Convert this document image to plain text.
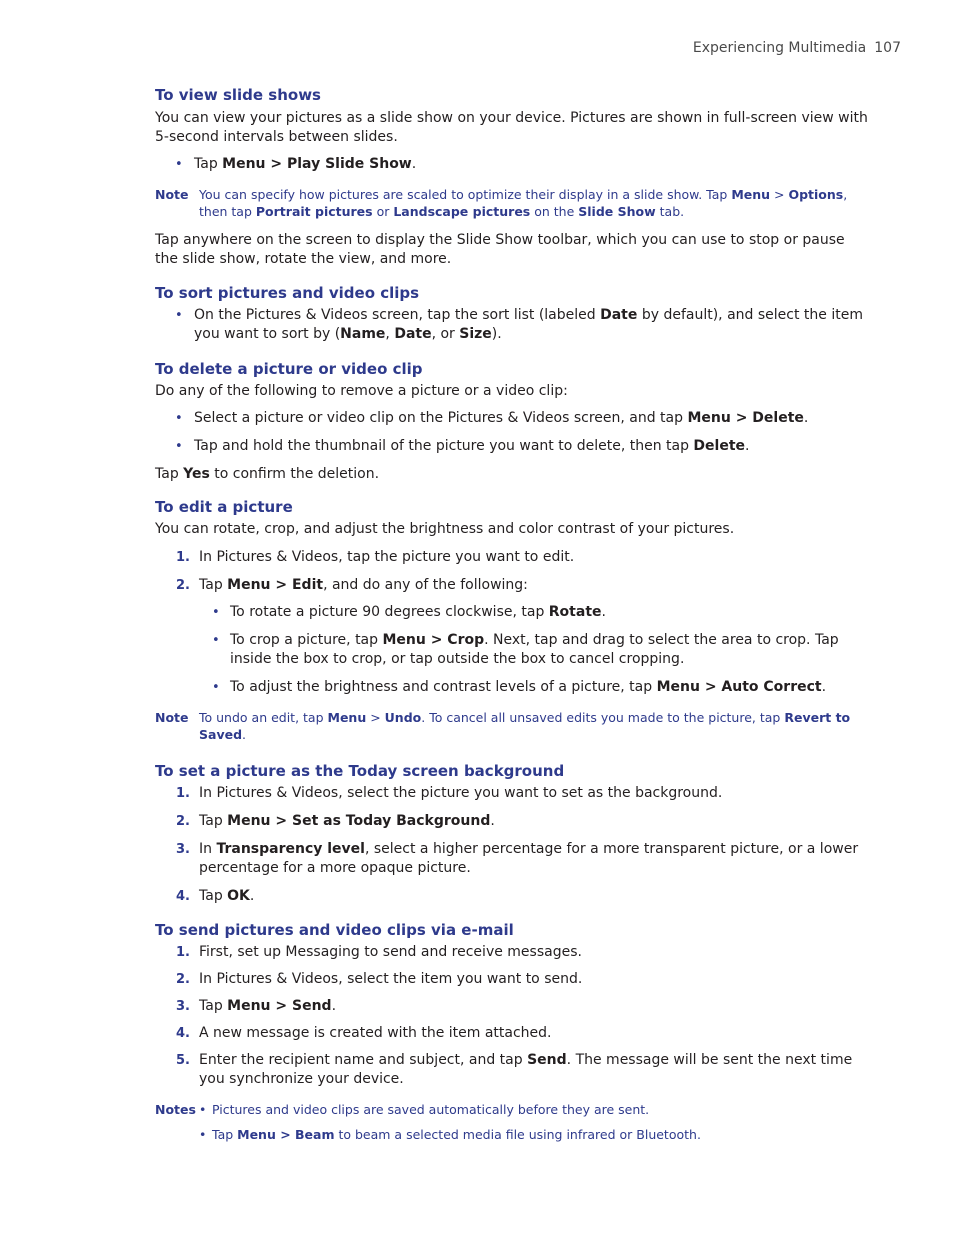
Experiencing Multimedia 107
To view slide shows

You can view your pictures as a slide show on your device. Pictures are shown in full-screen view with 5-second intervals between slides.

• Tap Menu > Play Slide Show.
Note You can specify how pictures are scaled to optimize their display in a slide show. Tap Menu > Options, then tap Portrait pictures or Landscape pictures on the Slide Show tab.

Tap anywhere on the screen to display the Slide Show toolbar, which you can use to stop or pause the slide show, rotate the view, and more.

To sort pictures and video clips
• On the Pictures & Videos screen, tap the sort list (labeled Date by default), and select the item you want to sort by (Name, Date, or Size).
To delete a picture or video clip

Do any of the following to remove a picture or a video clip:

• Select a picture or video clip on the Pictures & Videos screen, and tap Menu > Delete.
• Tap and hold the thumbnail of the picture you want to delete, then tap Delete.

Tap Yes to confirm the deletion.

To edit a picture

You can rotate, crop, and adjust the brightness and color contrast of your pictures.

1. In Pictures & Videos, tap the picture you want to edit.
2. Tap Menu > Edit, and do any of the following:
• To rotate a picture 90 degrees clockwise, tap Rotate.
• To crop a picture, tap Menu > Crop. Next, tap and drag to select the area to crop. Tap inside the box to crop, or tap outside the box to cancel cropping.
• To adjust the brightness and contrast levels of a picture, tap Menu > Auto Correct.
Note To undo an edit, tap Menu > Undo. To cancel all unsaved edits you made to the picture, tap Revert to Saved.
To set a picture as the Today screen background
1. In Pictures & Videos, select the picture you want to set as the background.
2. Tap Menu > Set as Today Background.
3. In Transparency level, select a higher percentage for a more transparent picture, or a lower percentage for a more opaque picture.
4. Tap OK.
To send pictures and video clips via e-mail
1. First, set up Messaging to send and receive messages.
2. In Pictures & Videos, select the item you want to send.
3. Tap Menu > Send.
4. A new message is created with the item attached.
5. Enter the recipient name and subject, and tap Send. The message will be sent the next time you synchronize your device.
Notes • Pictures and video clips are saved automatically before they are sent.
• Tap Menu > Beam to beam a selected media file using infrared or Bluetooth.
